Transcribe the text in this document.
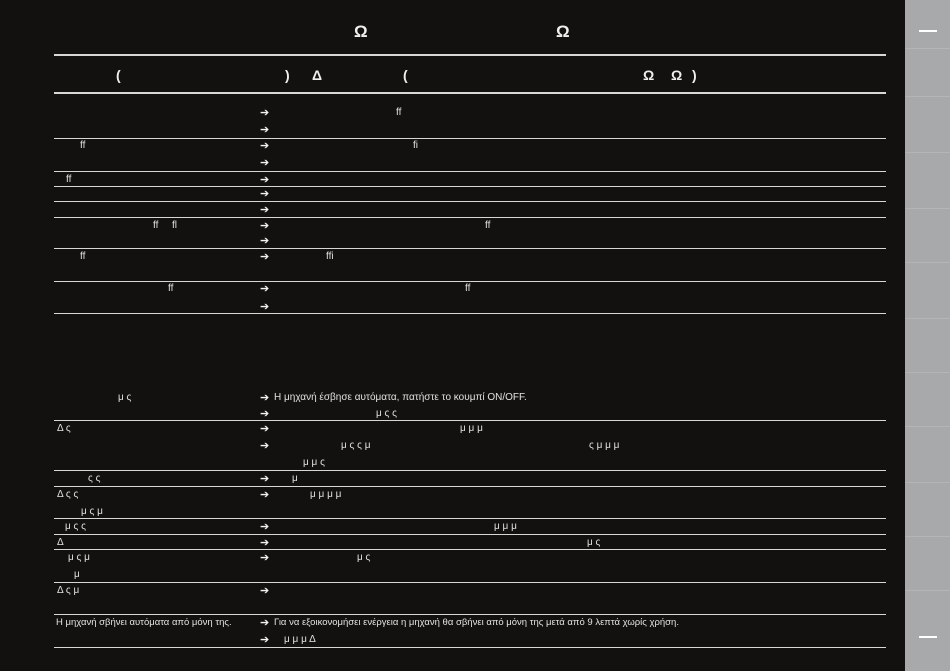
Ω	Ω
(	) Δ	(	Ω Ω )
➔	ff
➔
ff	➔	fi
➔
ff	➔
➔
➔
ff fl	➔	ff
➔
ff	➔	ffi
ff	➔	ff
➔
μ ς	➔ Η μηχανή έσβησε αυτόματα, πατήστε το κουμπί ON/OFF.
➔	μ ς ς
Δ ς	➔	μ μ μ
➔	μ ς ς μ	ς μ μ μ
μ μ ς
ς ς	➔ μ
Δ ς ς	➔	μ μ μ μ
μ ς μ
μ ς ς	➔	μ μ μ
Δ	➔	μ ς
μ ς μ	➔	μ ς
μ
Δ ς μ	➔
Η μηχανή σβήνει αυτόματα από μόνη της.	➔ Για να εξοικονομήσει ενέργεια η μηχανή θα σβήνει από μόνη της μετά από 9 λεπτά χωρίς χρήση.
➔ μ μ μ Δ
